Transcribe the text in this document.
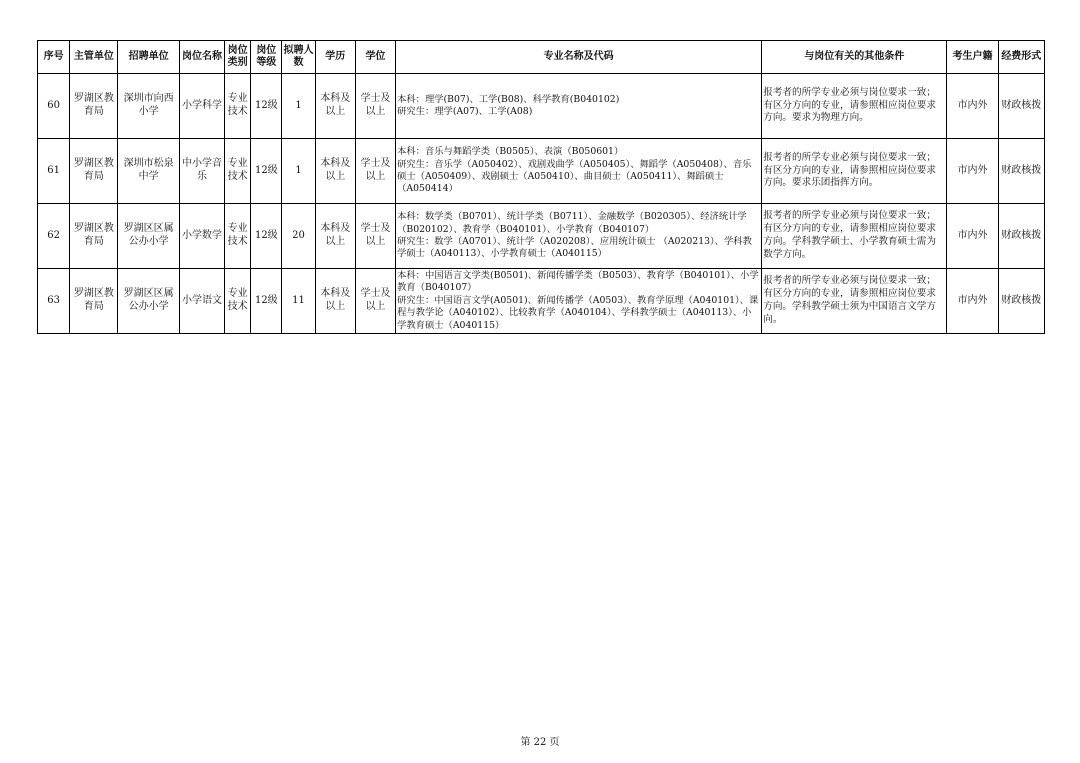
序号	主管单位	招聘单位	岗位名称	岗位类别	岗位等级	拟聘人数	学历	学位	专业名称及代码	与岗位有关的其他条件	考生户籍	经费形式
60	罗湖区教育局	深圳市向西小学	小学科学	专业技术	12级	1	本科及以上	学士及以上	本科：理学(B07)、工学(B08)、科学教育(B040102)
研究生：理学(A07)、工学(A08)	报考者的所学专业必须与岗位要求一致；有区分方向的专业，请参照相应岗位要求方向。要求为物理方向。	市内外	财政核拨
61	罗湖区教育局	深圳市松泉中学	中小学音乐	专业技术	12级	1	本科及以上	学士及以上	本科：音乐与舞蹈学类（B0505）、表演（B050601）
研究生：音乐学（A050402）、戏剧戏曲学（A050405）、舞蹈学（A050408）、音乐硕士（A050409）、戏剧硕士（A050410）、曲目硕士（A050411）、舞蹈硕士（A050414）	报考者的所学专业必须与岗位要求一致；有区分方向的专业，请参照相应岗位要求方向。要求乐团指挥方向。	市内外	财政核拨
62	罗湖区教育局	罗湖区区属公办小学	小学数学	专业技术	12级	20	本科及以上	学士及以上	本科：数学类（B0701）、统计学类（B0711）、金融数学（B020305）、经济统计学（B020102）、教育学（B040101）、小学教育（B040107）
研究生：数学（A0701）、统计学（A020208）、应用统计硕士 （A020213）、学科教学硕士（A040113）、小学教育硕士（A040115）	报考者的所学专业必须与岗位要求一致；有区分方向的专业，请参照相应岗位要求方向。学科教学硕士、小学教育硕士需为数学方向。	市内外	财政核拨
63	罗湖区教育局	罗湖区区属公办小学	小学语文	专业技术	12级	11	本科及以上	学士及以上	本科：中国语言文学类(B0501)、新闻传播学类（B0503）、教育学（B040101）、小学教育（B040107）
研究生：中国语言文学(A0501)、新闻传播学（A0503）、教育学原理（A040101）、课程与教学论（A040102）、比较教育学（A040104）、学科教学硕士（A040113）、小学教育硕士（A040115）	报考者的所学专业必须与岗位要求一致；有区分方向的专业，请参照相应岗位要求方向。学科教学硕士须为中国语言文学方向。	市内外	财政核拨
第 22 页
